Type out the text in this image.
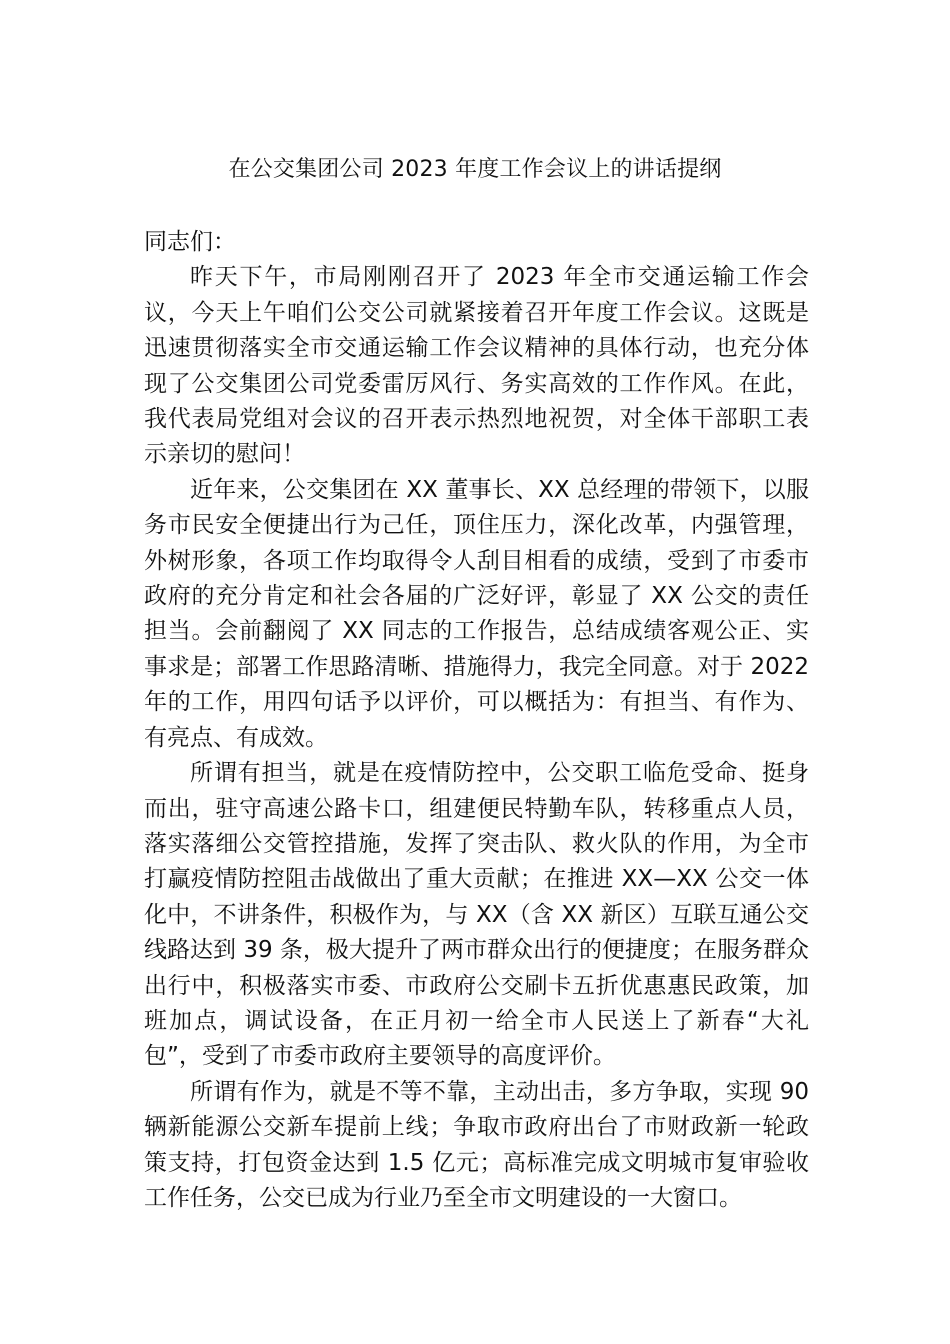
在公交集团公司 2023 年度工作会议上的讲话提纲

同志们：

昨天下午，市局刚刚召开了 2023 年全市交通运输工作会议，今天上午咱们公交公司就紧接着召开年度工作会议。这既是迅速贯彻落实全市交通运输工作会议精神的具体行动，也充分体现了公交集团公司党委雷厉风行、务实高效的工作作风。在此，我代表局党组对会议的召开表示热烈地祝贺，对全体干部职工表示亲切的慰问！

近年来，公交集团在 XX 董事长、XX 总经理的带领下，以服务市民安全便捷出行为己任，顶住压力，深化改革，内强管理，外树形象，各项工作均取得令人刮目相看的成绩，受到了市委市政府的充分肯定和社会各届的广泛好评，彰显了 XX 公交的责任担当。会前翻阅了 XX 同志的工作报告，总结成绩客观公正、实事求是；部署工作思路清晰、措施得力，我完全同意。对于 2022 年的工作，用四句话予以评价，可以概括为：有担当、有作为、有亮点、有成效。

所谓有担当，就是在疫情防控中，公交职工临危受命、挺身而出，驻守高速公路卡口，组建便民特勤车队，转移重点人员，落实落细公交管控措施，发挥了突击队、救火队的作用，为全市打赢疫情防控阻击战做出了重大贡献；在推进 XX—XX 公交一体化中，不讲条件，积极作为，与 XX（含 XX 新区）互联互通公交线路达到 39 条，极大提升了两市群众出行的便捷度；在服务群众出行中，积极落实市委、市政府公交刷卡五折优惠惠民政策，加班加点，调试设备，在正月初一给全市人民送上了新春“大礼包”，受到了市委市政府主要领导的高度评价。

所谓有作为，就是不等不靠，主动出击，多方争取，实现 90 辆新能源公交新车提前上线；争取市政府出台了市财政新一轮政策支持，打包资金达到 1.5 亿元；高标准完成文明城市复审验收工作任务，公交已成为行业乃至全市文明建设的一大窗口。
